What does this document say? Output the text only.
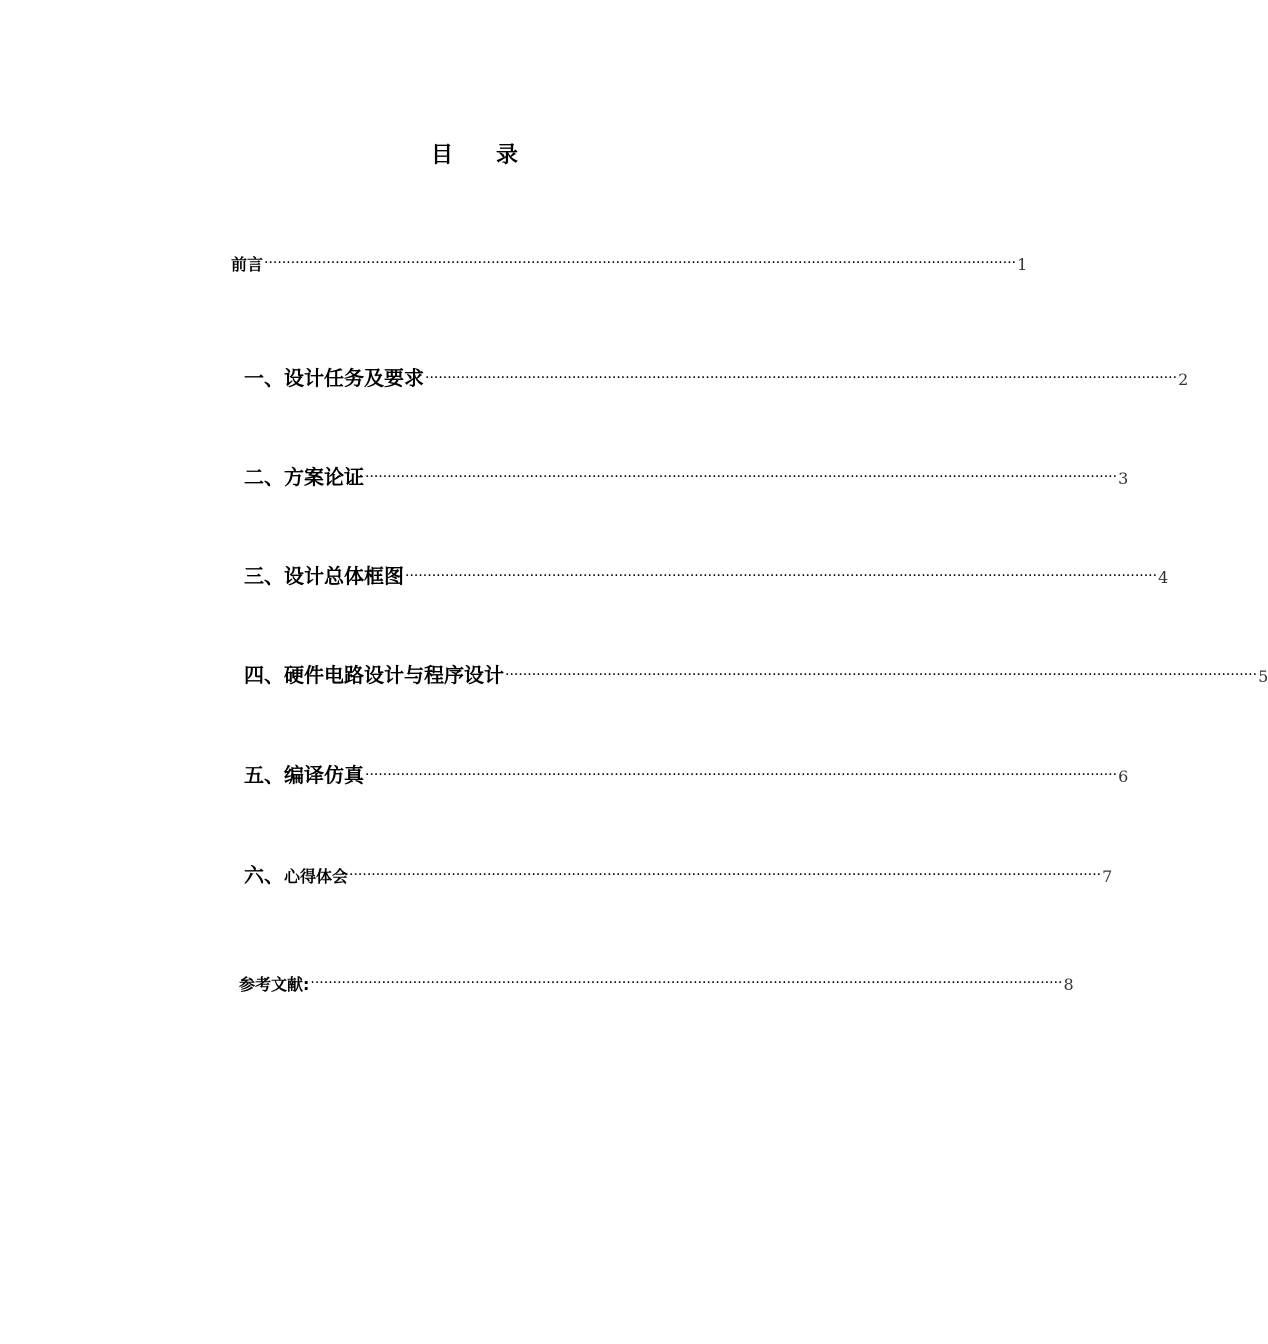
目 录
前言 ········································································································································································· 1
一、设计任务及要求 ········································································································································································· 2
二、方案论证 ········································································································································································· 3
三、设计总体框图 ········································································································································································· 4
四、硬件电路设计与程序设计 ········································································································································································· 5
五、编译仿真 ········································································································································································· 6
六、心得体会 ········································································································································································· 7
参考文献: ········································································································································································· 8
